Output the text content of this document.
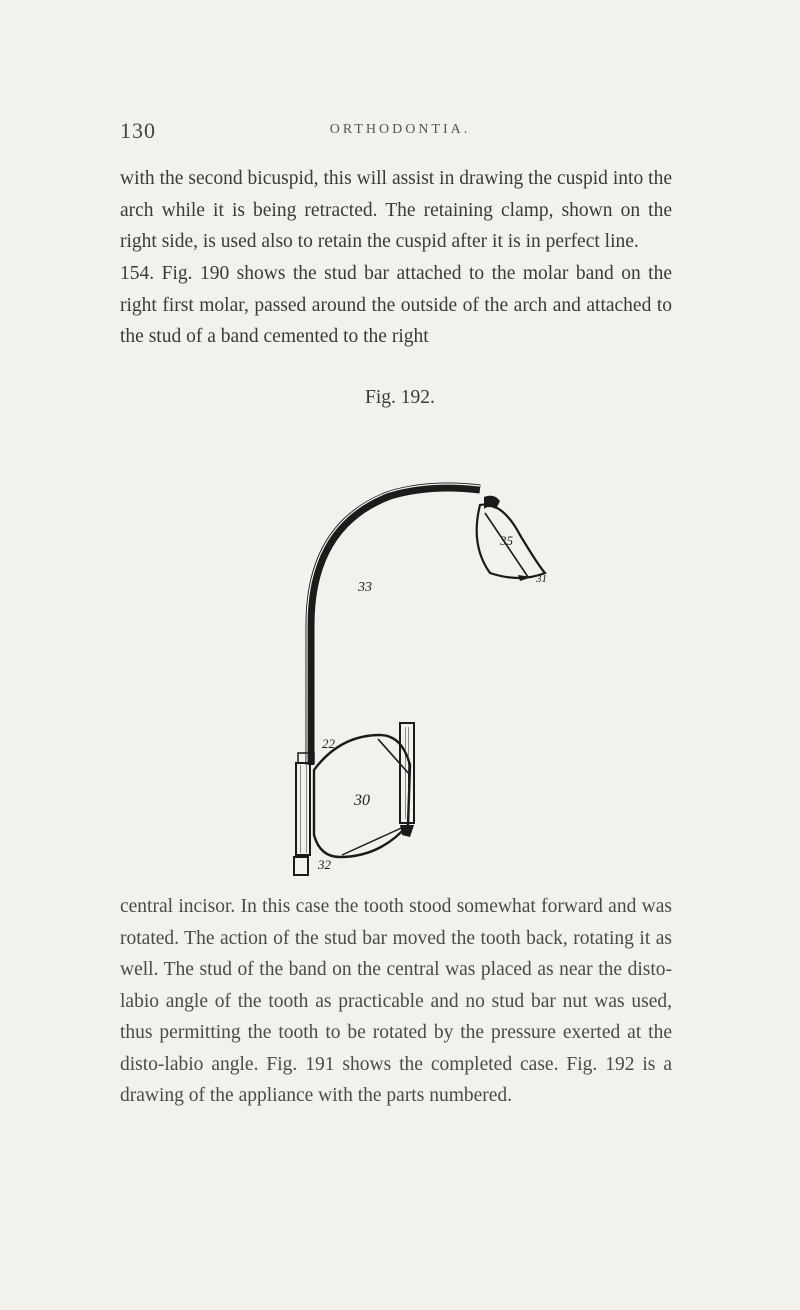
130	ORTHODONTIA.

with the second bicuspid, this will assist in drawing the cuspid into the arch while it is being retracted. The retaining clamp, shown on the right side, is used also to retain the cuspid after it is in perfect line.

154. Fig. 190 shows the stud bar attached to the molar band on the right first molar, passed around the outside of the arch and attached to the stud of a band cemented to the right

Fig. 192.
35
33
31
22
30
32

central incisor. In this case the tooth stood somewhat forward and was rotated. The action of the stud bar moved the tooth back, rotating it as well. The stud of the band on the central was placed as near the disto-labio angle of the tooth as practicable and no stud bar nut was used, thus permitting the tooth to be rotated by the pressure exerted at the disto-labio angle. Fig. 191 shows the completed case. Fig. 192 is a drawing of the appliance with the parts numbered.
